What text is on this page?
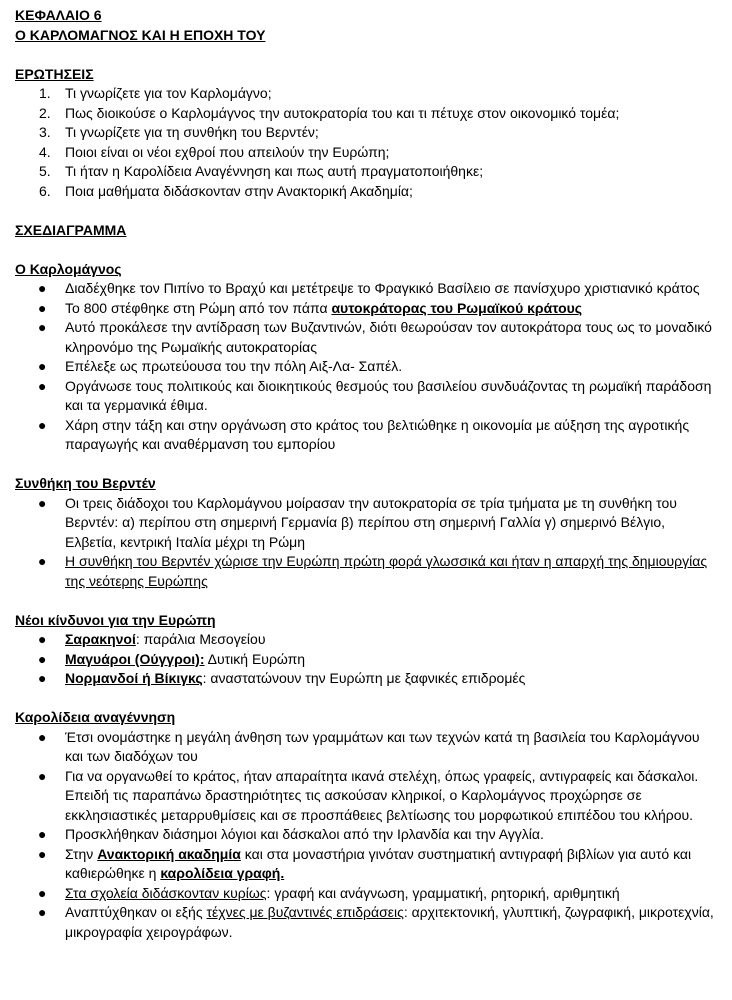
ΚΕΦΑΛΑΙΟ 6
Ο ΚΑΡΛΟΜΑΓΝΟΣ ΚΑΙ Η ΕΠΟΧΗ ΤΟΥ
ΕΡΩΤΗΣΕΙΣ
1. Τι γνωρίζετε για τον Καρλομάγνο;
2. Πως διοικούσε ο Καρλομάγνος την αυτοκρατορία του και τι πέτυχε στον οικονομικό τομέα;
3. Τι γνωρίζετε για τη συνθήκη του Βερντέν;
4. Ποιοι είναι οι νέοι εχθροί που απειλούν την Ευρώπη;
5. Τι ήταν η Καρολίδεια Αναγέννηση και πως αυτή πραγματοποιήθηκε;
6. Ποια μαθήματα διδάσκονταν στην Ανακτορική Ακαδημία;
ΣΧΕΔΙΑΓΡΑΜΜΑ
Ο Καρλομάγνος
● Διαδέχθηκε τον Πιπίνο το Βραχύ και μετέτρεψε το Φραγκικό Βασίλειο σε πανίσχυρο χριστιανικό κράτος
● Το 800 στέφθηκε στη Ρώμη από τον πάπα αυτοκράτορας του Ρωμαϊκού κράτους
● Αυτό προκάλεσε την αντίδραση των Βυζαντινών, διότι θεωρούσαν τον αυτοκράτορα τους ως το μοναδικό κληρονόμο της Ρωμαϊκής αυτοκρατορίας
● Επέλεξε ως πρωτεύουσα του την πόλη Αιξ-Λα- Σαπέλ.
● Οργάνωσε τους πολιτικούς και διοικητικούς θεσμούς του βασιλείου συνδυάζοντας τη ρωμαϊκή παράδοση και τα γερμανικά έθιμα.
● Χάρη στην τάξη και στην οργάνωση στο κράτος του βελτιώθηκε η οικονομία με αύξηση της αγροτικής παραγωγής και αναθέρμανση του εμπορίου
Συνθήκη του Βερντέν
● Οι τρεις διάδοχοι του Καρλομάγνου μοίρασαν την αυτοκρατορία σε τρία τμήματα με τη συνθήκη του Βερντέν: α) περίπου στη σημερινή Γερμανία β) περίπου στη σημερινή Γαλλία γ) σημερινό Βέλγιο, Ελβετία, κεντρική Ιταλία μέχρι τη Ρώμη
● Η συνθήκη του Βερντέν χώρισε την Ευρώπη πρώτη φορά γλωσσικά και ήταν η απαρχή της δημιουργίας της νεότερης Ευρώπης
Νέοι κίνδυνοι για την Ευρώπη
● Σαρακηνοί: παράλια Μεσογείου
● Μαγυάροι (Ούγγροι): Δυτική Ευρώπη
● Νορμανδοί ή Βίκιγκς: αναστατώνουν την Ευρώπη με ξαφνικές επιδρομές
Καρολίδεια αναγέννηση
● Έτσι ονομάστηκε η μεγάλη άνθηση των γραμμάτων και των τεχνών κατά τη βασιλεία του Καρλομάγνου και των διαδόχων του
● Για να οργανωθεί το κράτος, ήταν απαραίτητα ικανά στελέχη, όπως γραφείς, αντιγραφείς και δάσκαλοι. Επειδή τις παραπάνω δραστηριότητες τις ασκούσαν κληρικοί, ο Καρλομάγνος προχώρησε σε εκκλησιαστικές μεταρρυθμίσεις και σε προσπάθειες βελτίωσης του μορφωτικού επιπέδου του κλήρου.
● Προσκλήθηκαν διάσημοι λόγιοι και δάσκαλοι από την Ιρλανδία και την Αγγλία.
● Στην Ανακτορική ακαδημία και στα μοναστήρια γινόταν συστηματική αντιγραφή βιβλίων για αυτό και καθιερώθηκε η καρολίδεια γραφή.
● Στα σχολεία διδάσκονταν κυρίως: γραφή και ανάγνωση, γραμματική, ρητορική, αριθμητική
● Αναπτύχθηκαν οι εξής τέχνες με βυζαντινές επιδράσεις: αρχιτεκτονική, γλυπτική, ζωγραφική, μικροτεχνία, μικρογραφία χειρογράφων.
